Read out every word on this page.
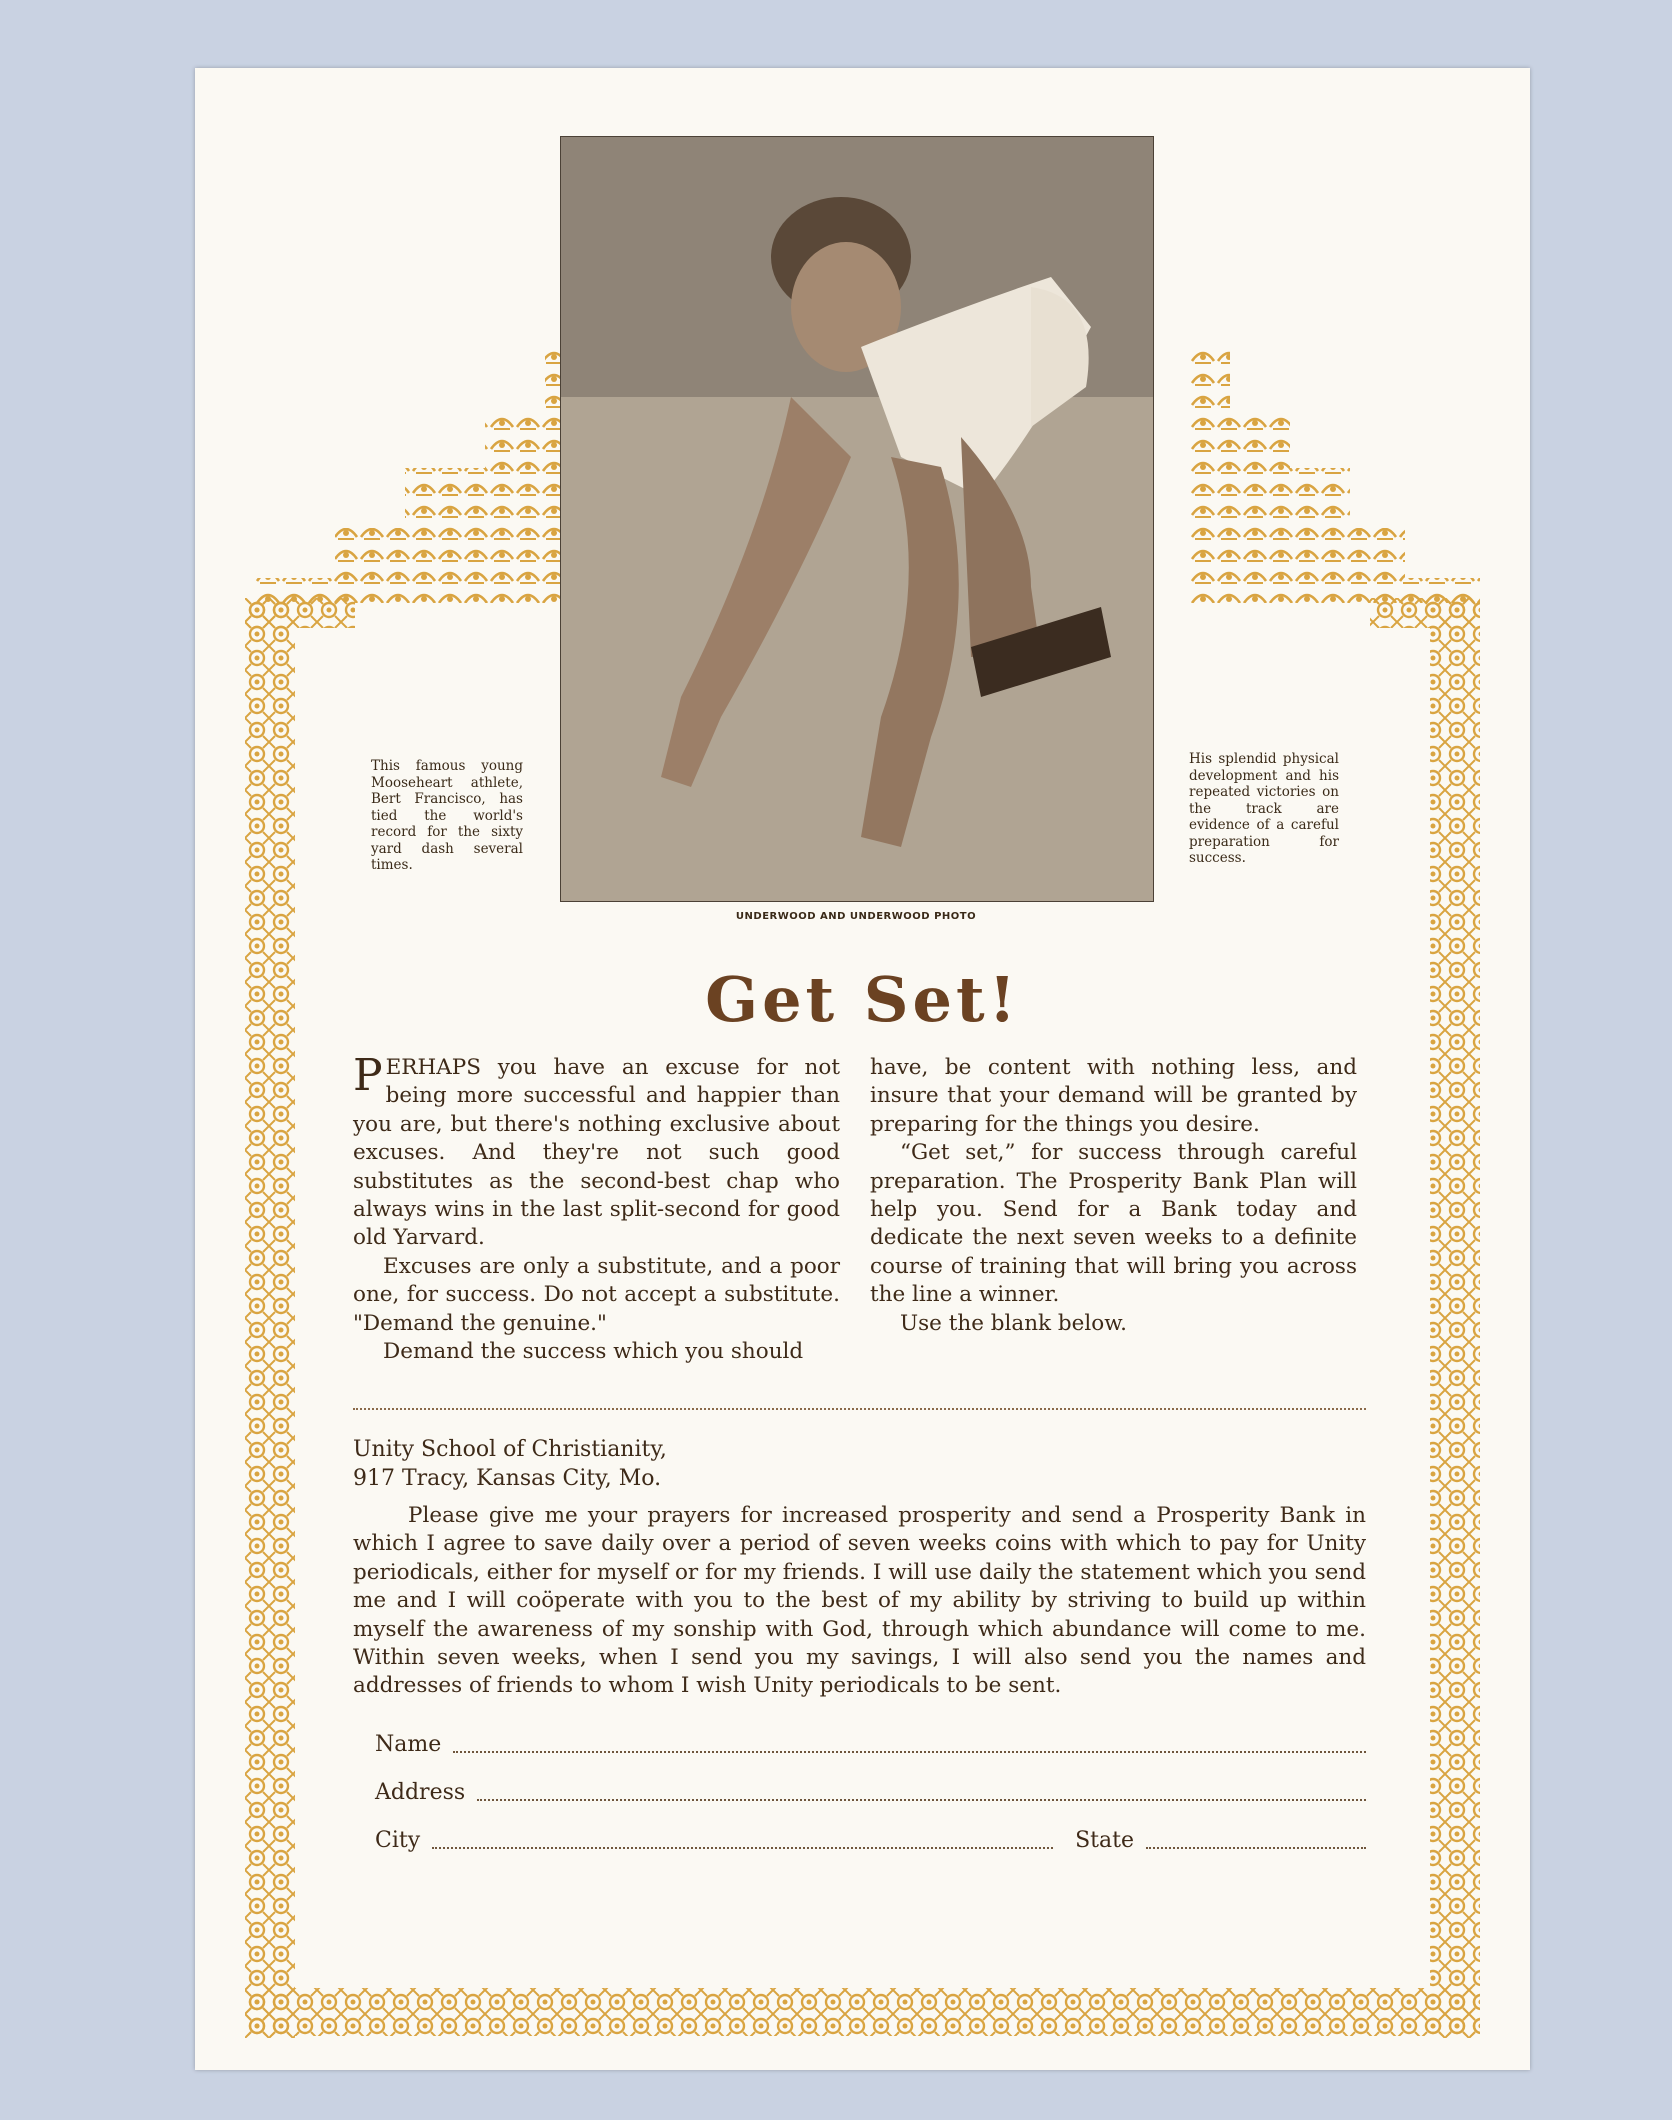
UNDERWOOD AND UNDERWOOD PHOTO
This famous young Mooseheart athlete, Bert Francisco, has tied the world's record for the sixty yard dash several times.
His splendid physical development and his repeated victories on the track are evidence of a careful preparation for success.
Get Set!

PERHAPS you have an excuse for not being more successful and happier than you are, but there's nothing exclusive about excuses. And they're not such good substitutes as the second-best chap who always wins in the last split-second for good old Yarvard.

Excuses are only a substitute, and a poor one, for success. Do not accept a substitute. "Demand the genuine."

Demand the success which you should

have, be content with nothing less, and insure that your demand will be granted by preparing for the things you desire.

“Get set,” for success through careful preparation. The Prosperity Bank Plan will help you. Send for a Bank today and dedicate the next seven weeks to a definite course of training that will bring you across the line a winner.

Use the blank below.

Unity School of Christianity,
917 Tracy, Kansas City, Mo.

Please give me your prayers for increased prosperity and send a Prosperity Bank in which I agree to save daily over a period of seven weeks coins with which to pay for Unity periodicals, either for myself or for my friends. I will use daily the statement which you send me and I will coöperate with you to the best of my ability by striving to build up within myself the awareness of my sonship with God, through which abundance will come to me. Within seven weeks, when I send you my savings, I will also send you the names and addresses of friends to whom I wish Unity periodicals to be sent.

Name
Address
City	State
